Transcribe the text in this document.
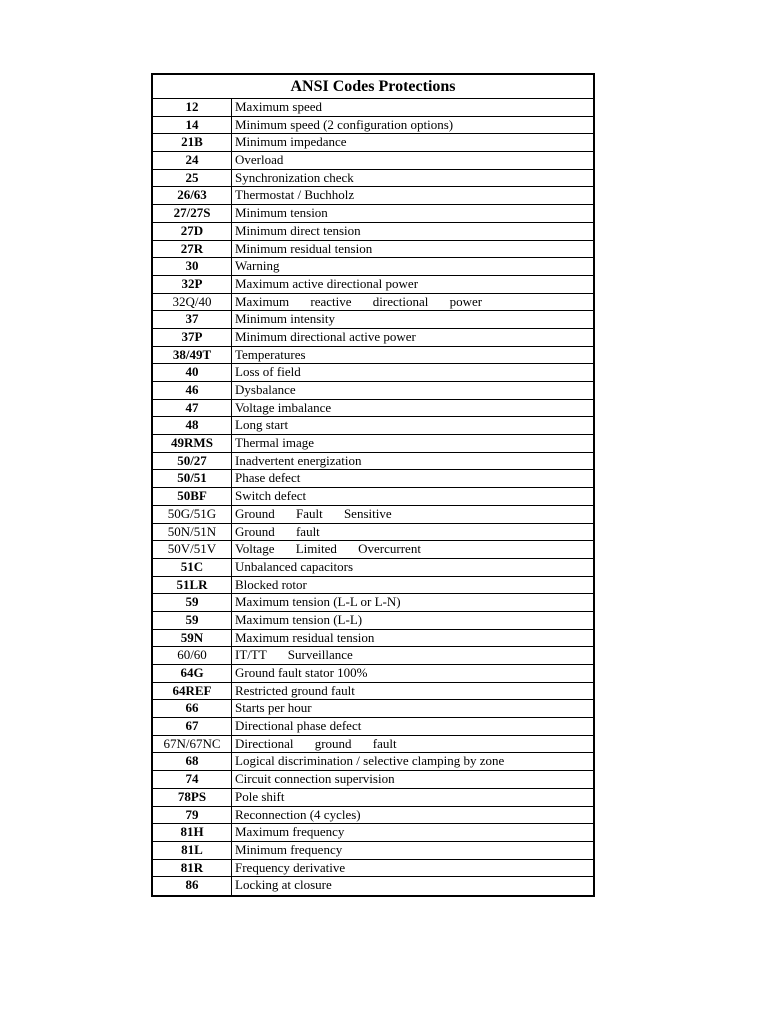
ANSI Codes Protections
12	Maximum speed
14	Minimum speed (2 configuration options)
21B	Minimum impedance
24	Overload
25	Synchronization check
26/63	Thermostat / Buchholz
27/27S	Minimum tension
27D	Minimum direct tension
27R	Minimum residual tension
30	Warning
32P	Maximum active directional power
32Q/40	Maximum reactive directional power
37	Minimum intensity
37P	Minimum directional active power
38/49T	Temperatures
40	Loss of field
46	Dysbalance
47	Voltage imbalance
48	Long start
49RMS	Thermal image
50/27	Inadvertent energization
50/51	Phase defect
50BF	Switch defect
50G/51G	Ground Fault Sensitive
50N/51N	Ground fault
50V/51V	Voltage Limited Overcurrent
51C	Unbalanced capacitors
51LR	Blocked rotor
59	Maximum tension (L-L or L-N)
59	Maximum tension (L-L)
59N	Maximum residual tension
60/60	IT/TT Surveillance
64G	Ground fault stator 100%
64REF	Restricted ground fault
66	Starts per hour
67	Directional phase defect
67N/67NC	Directional ground fault
68	Logical discrimination / selective clamping by zone
74	Circuit connection supervision
78PS	Pole shift
79	Reconnection (4 cycles)
81H	Maximum frequency
81L	Minimum frequency
81R	Frequency derivative
86	Locking at closure
